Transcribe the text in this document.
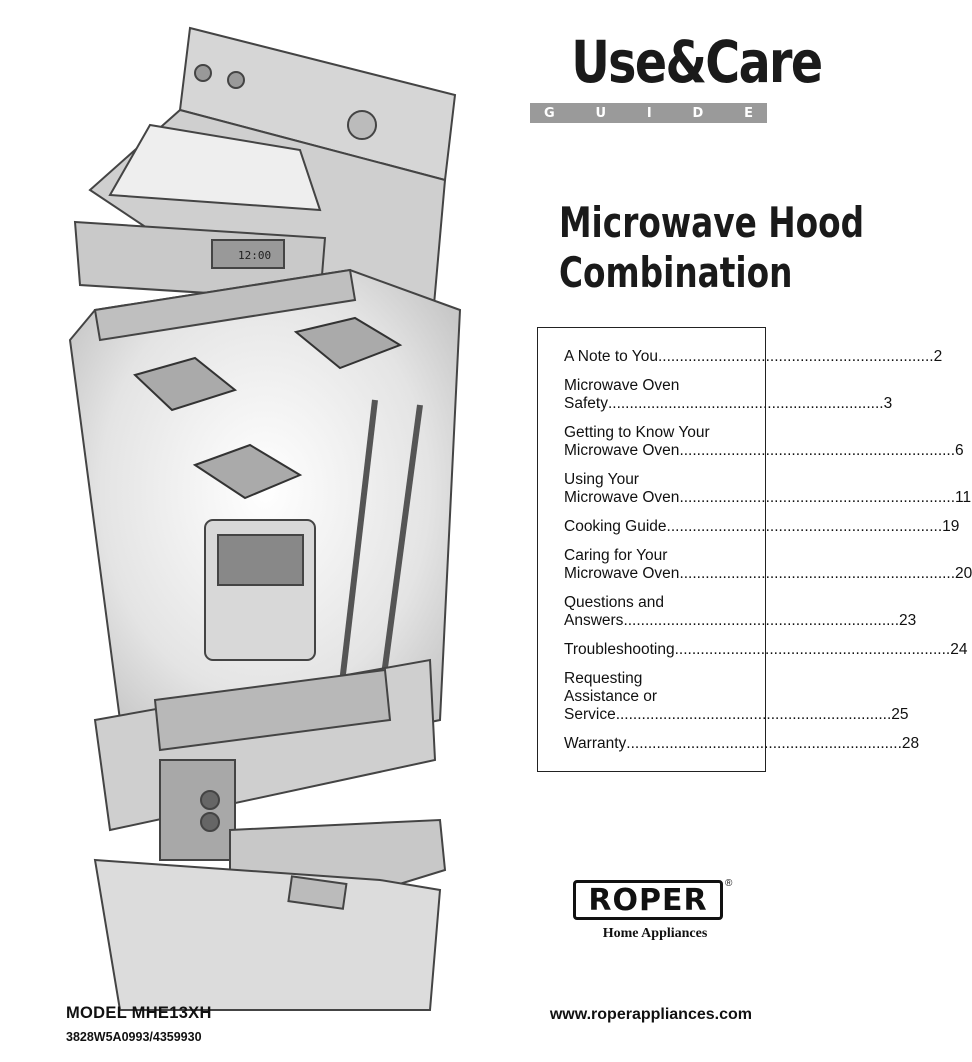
12:00
Use&Care
G	U	I	D	E
Microwave Hood
Combination
A Note to You .....	2
Microwave Oven
Safety .....	3
Getting to Know Your
Microwave Oven .....	6
Using Your
Microwave Oven .....	11
Cooking Guide .....	19
Caring for Your
Microwave Oven .....	20
Questions and
Answers .....	23
Troubleshooting .....	24
Requesting
Assistance or
Service .....	25
Warranty .....	28
ROPER	®
Home Appliances
MODEL MHE13XH
3828W5A0993/4359930
www.roperappliances.com
